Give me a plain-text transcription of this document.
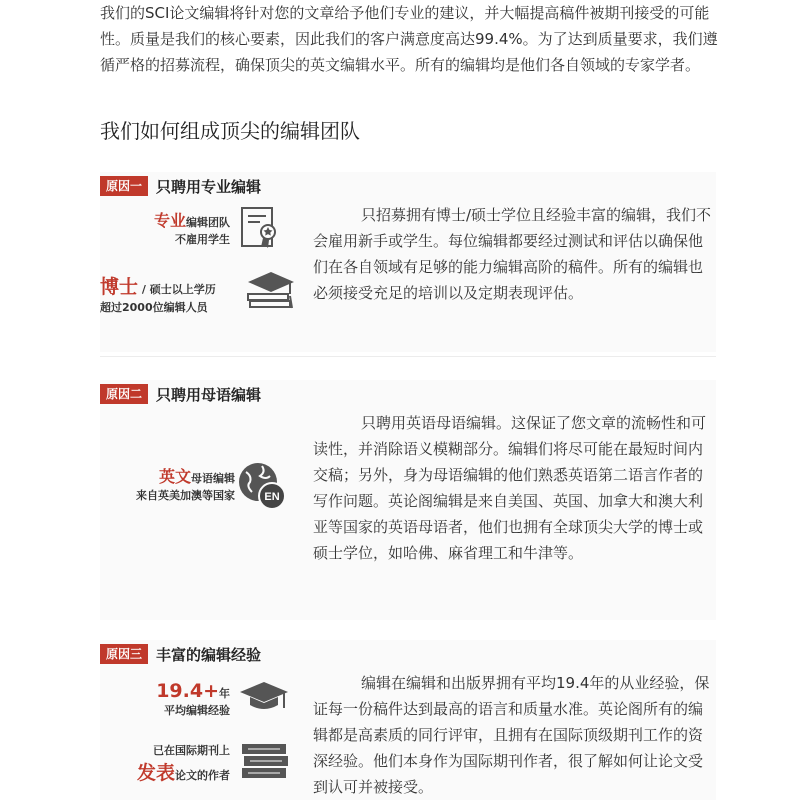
我们的SCI论文编辑将针对您的文章给予他们专业的建议，并大幅提高稿件被期刊接受的可能性。质量是我们的核心要素，因此我们的客户满意度高达99.4%。为了达到质量要求，我们遵循严格的招募流程，确保顶尖的英文编辑水平。所有的编辑均是他们各自领域的专家学者。

我们如何组成顶尖的编辑团队
原因一 只聘用专业编辑
专业编辑团队
不雇用学生
博士 / 硕士以上学历
超过2000位编辑人员

只招募拥有博士/硕士学位且经验丰富的编辑，我们不会雇用新手或学生。每位编辑都要经过测试和评估以确保他们在各自领域有足够的能力编辑高阶的稿件。所有的编辑也必须接受充足的培训以及定期表现评估。

原因二 只聘用母语编辑
英文母语编辑
来自英美加澳等国家	EN

只聘用英语母语编辑。这保证了您文章的流畅性和可读性，并消除语义模糊部分。编辑们将尽可能在最短时间内交稿；另外，身为母语编辑的他们熟悉英语第二语言作者的写作问题。英论阁编辑是来自美国、英国、加拿大和澳大利亚等国家的英语母语者，他们也拥有全球顶尖大学的博士或硕士学位，如哈佛、麻省理工和牛津等。

原因三 丰富的编辑经验
19.4+年
平均编辑经验
已在国际期刊上
发表论文的作者

编辑在编辑和出版界拥有平均19.4年的从业经验，保证每一份稿件达到最高的语言和质量水准。英论阁所有的编辑都是高素质的同行评审，且拥有在国际顶级期刊工作的资深经验。他们本身作为国际期刊作者，很了解如何让论文受到认可并被接受。
